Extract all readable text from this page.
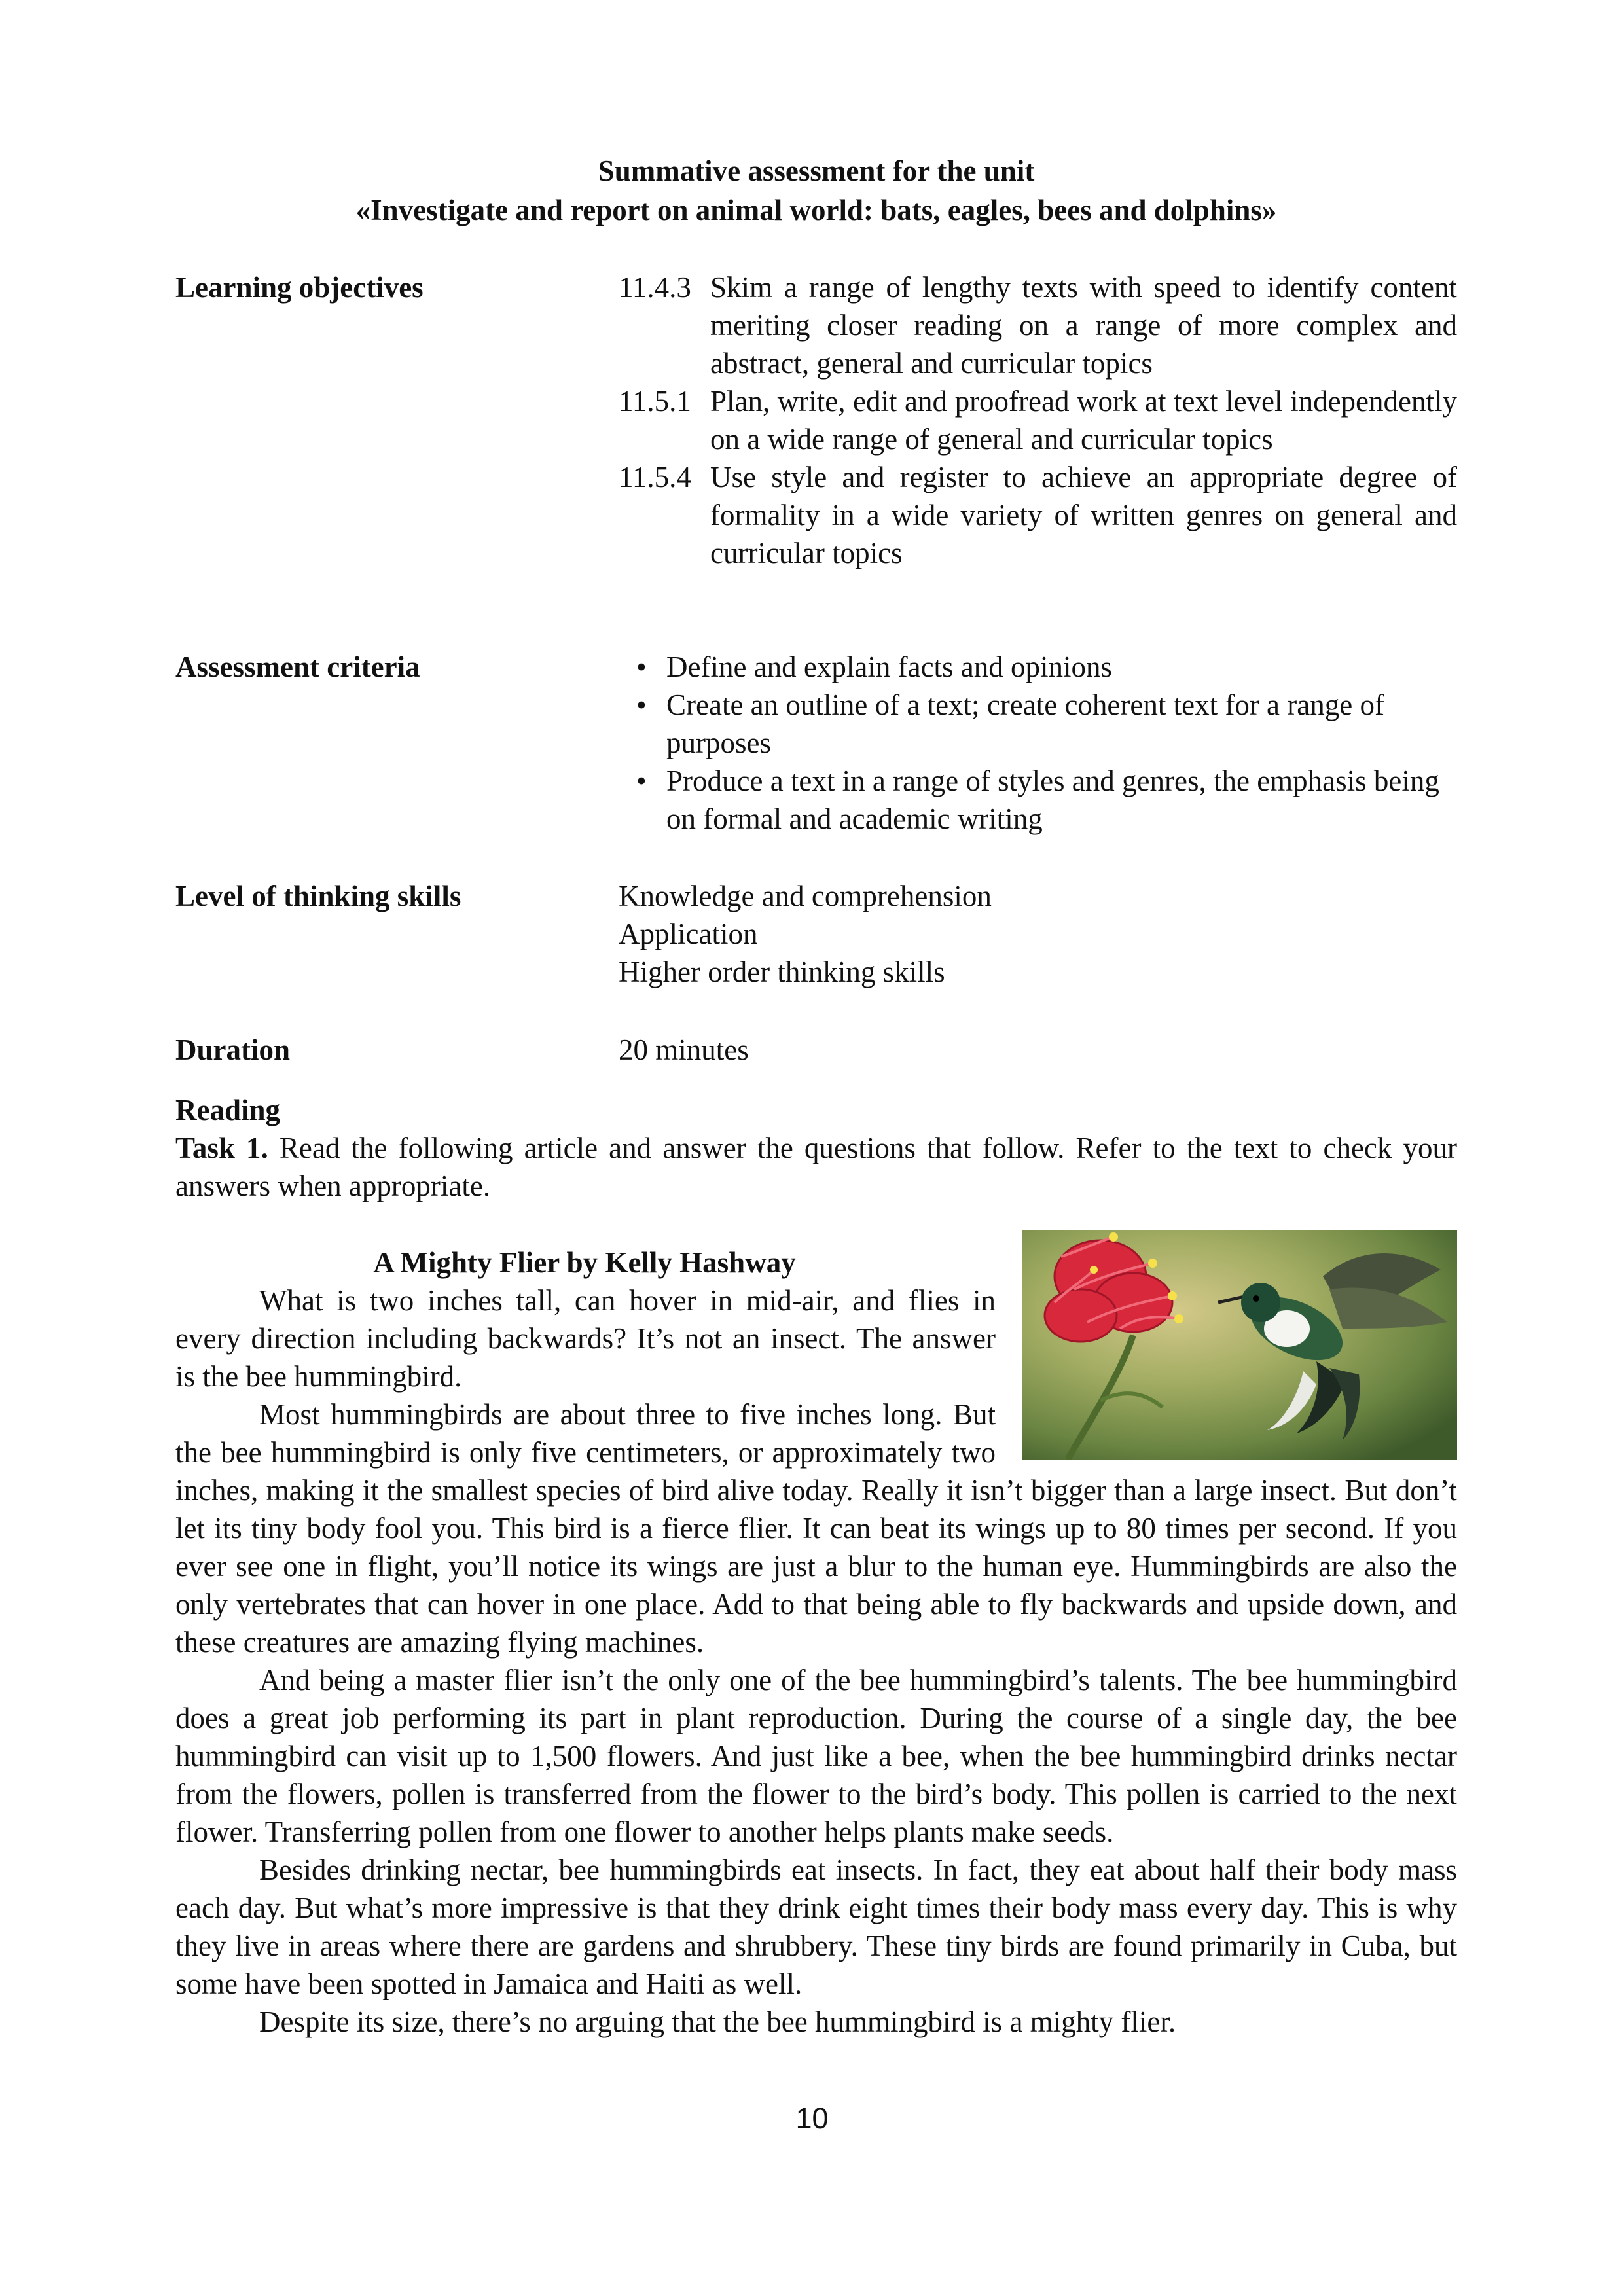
Summative assessment for the unit
«Investigate and report on animal world: bats, eagles, bees and dolphins»
Learning objectives	11.4.3 Skim a range of lengthy texts with speed to identify content meriting closer reading on a range of more complex and abstract, general and curricular topics
11.5.1 Plan, write, edit and proofread work at text level independently on a wide range of general and curricular topics
11.5.4 Use style and register to achieve an appropriate degree of formality in a wide variety of written genres on general and curricular topics
Assessment criteria	• Define and explain facts and opinions
• Create an outline of a text; create coherent text for a range of purposes
• Produce a text in a range of styles and genres, the emphasis being on formal and academic writing
Level of thinking skills	Knowledge and comprehension
Application
Higher order thinking skills
Duration	20 minutes
Reading
Task 1. Read the following article and answer the questions that follow. Refer to the text to check your answers when appropriate.
A Mighty Flier by Kelly Hashway

What is two inches tall, can hover in mid-air, and flies in every direction including backwards? It’s not an insect. The answer is the bee hummingbird.

Most hummingbirds are about three to five inches long. But the bee hummingbird is only five centimeters, or approximately two inches, making it the smallest species of bird alive today. Really it isn’t bigger than a large insect. But don’t let its tiny body fool you. This bird is a fierce flier. It can beat its wings up to 80 times per second. If you ever see one in flight, you’ll notice its wings are just a blur to the human eye. Hummingbirds are also the only vertebrates that can hover in one place. Add to that being able to fly backwards and upside down, and these creatures are amazing flying machines.

And being a master flier isn’t the only one of the bee hummingbird’s talents. The bee hummingbird does a great job performing its part in plant reproduction. During the course of a single day, the bee hummingbird can visit up to 1,500 flowers. And just like a bee, when the bee hummingbird drinks nectar from the flowers, pollen is transferred from the flower to the bird’s body. This pollen is carried to the next flower. Transferring pollen from one flower to another helps plants make seeds.

Besides drinking nectar, bee hummingbirds eat insects. In fact, they eat about half their body mass each day. But what’s more impressive is that they drink eight times their body mass every day. This is why they live in areas where there are gardens and shrubbery. These tiny birds are found primarily in Cuba, but some have been spotted in Jamaica and Haiti as well.

Despite its size, there’s no arguing that the bee hummingbird is a mighty flier.

10
